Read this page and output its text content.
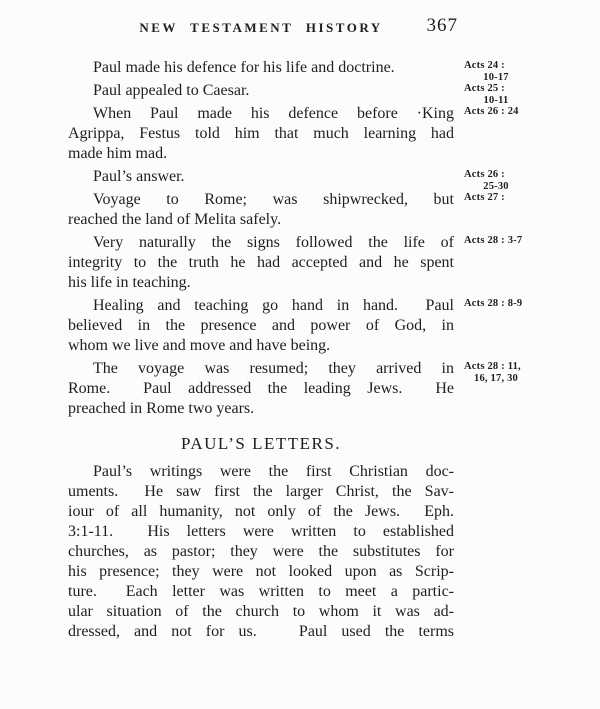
NEW TESTAMENT HISTORY	367
Paul made his defence for his life and doctrine.	Acts 24 :
10-17
Paul appealed to Caesar.	Acts 25 :
10-11
When Paul made his defence before ·King
Agrippa, Festus told him that much learning had
made him mad.
Acts 26 : 24
Paul’s answer.	Acts 26 :
25-30
Voyage to Rome; was shipwrecked, but
reached the land of Melita safely.
Acts 27 :
Very naturally the signs followed the life of
integrity to the truth he had accepted and he spent
his life in teaching.
Acts 28 : 3-7
Healing and teaching go hand in hand.  Paul
believed in the presence and power of God, in
whom we live and move and have being.
Acts 28 : 8-9
The voyage was resumed; they arrived in
Rome.  Paul addressed the leading Jews.  He
preached in Rome two years.
Acts 28 : 11,
16, 17, 30
PAUL’S LETTERS.
Paul’s writings were the first Christian doc-
uments.  He saw first the larger Christ, the Sav-
iour of all humanity, not only of the Jews.  Eph.
3:1-11.  His letters were written to established
churches, as pastor; they were the substitutes for
his presence; they were not looked upon as Scrip-
ture.  Each letter was written to meet a partic-
ular situation of the church to whom it was ad-
dressed, and not for us.   Paul used the terms
